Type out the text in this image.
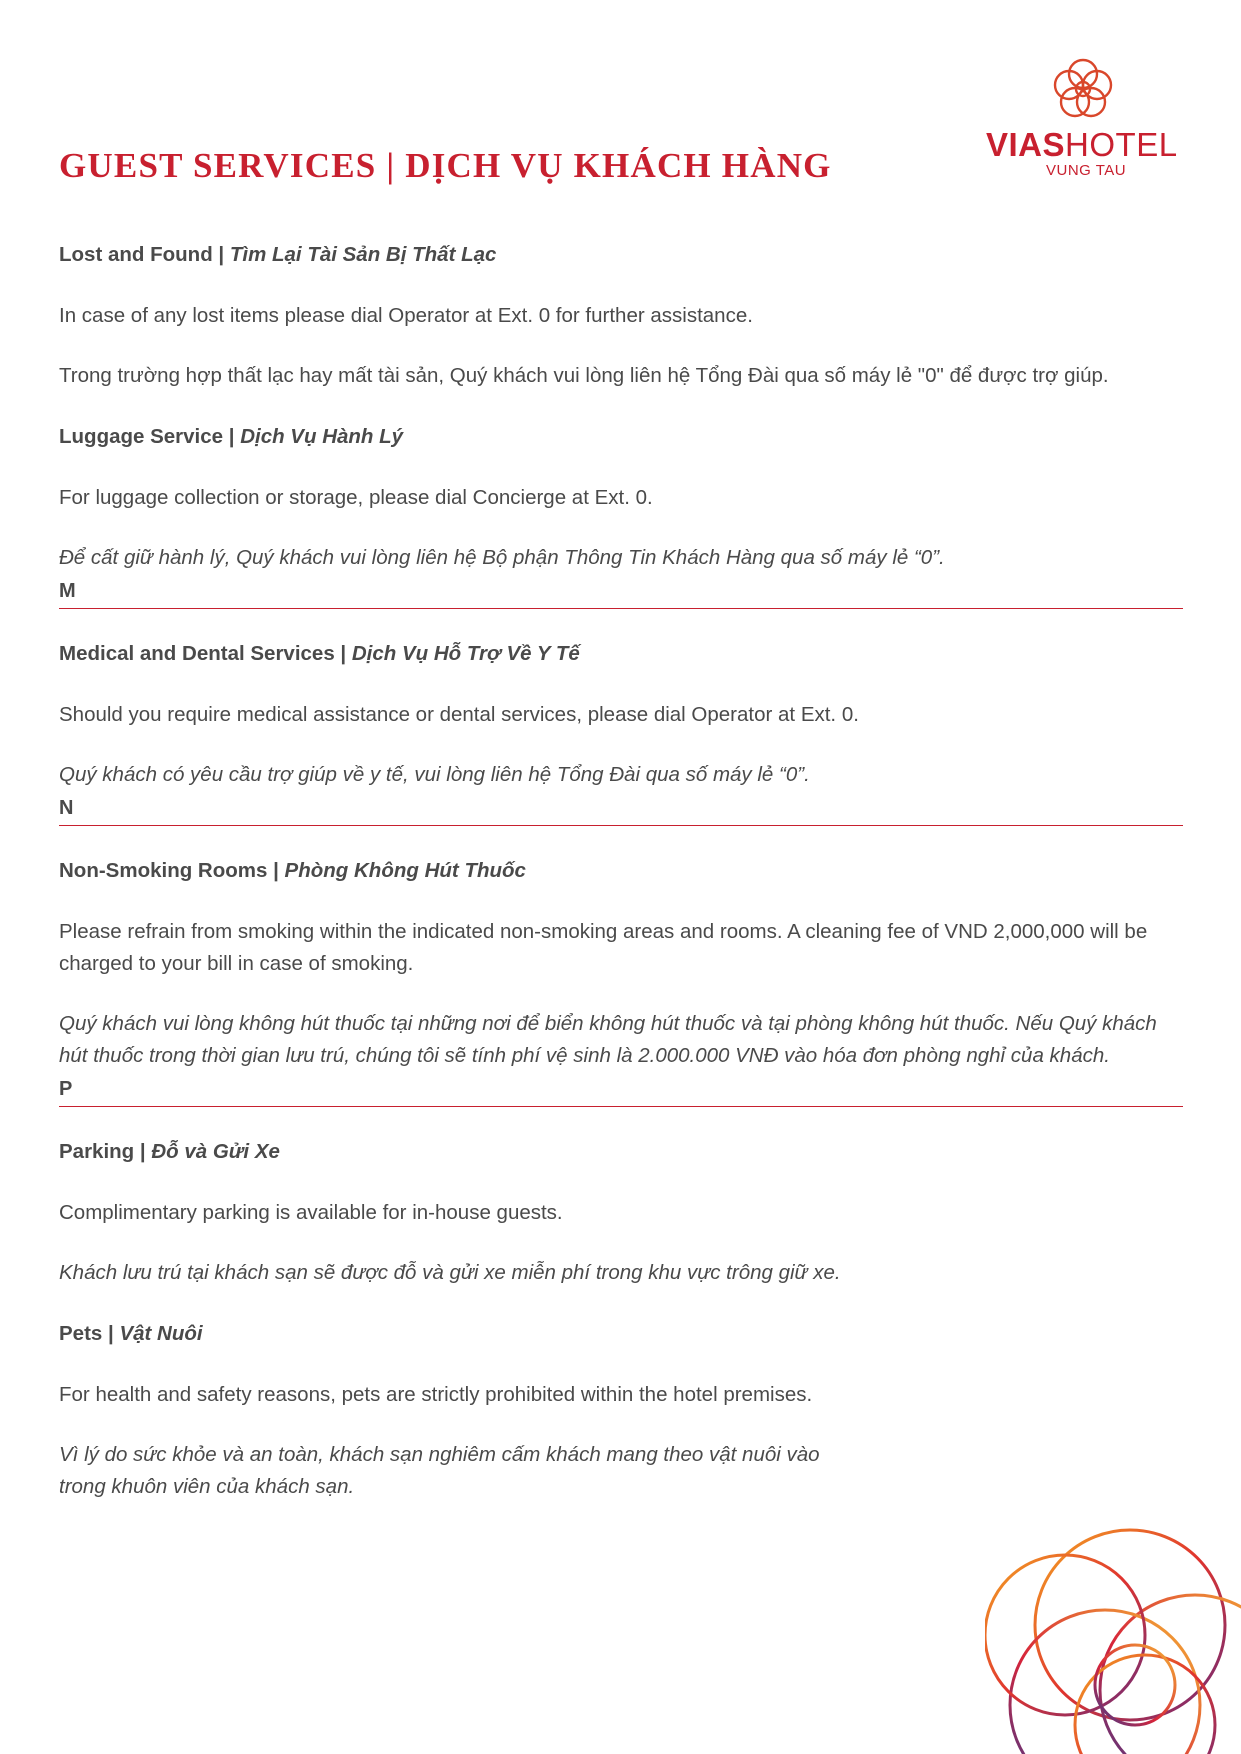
VIASHOTEL
VUNG TAU
GUEST SERVICES | DỊCH VỤ KHÁCH HÀNG

Lost and Found | Tìm Lại Tài Sản Bị Thất Lạc

In case of any lost items please dial Operator at Ext. 0 for further assistance.

Trong trường hợp thất lạc hay mất tài sản, Quý khách vui lòng liên hệ Tổng Đài qua số máy lẻ "0" để được trợ giúp.

Luggage Service | Dịch Vụ Hành Lý

For luggage collection or storage, please dial Concierge at Ext. 0.

Để cất giữ hành lý, Quý khách vui lòng liên hệ Bộ phận Thông Tin Khách Hàng qua số máy lẻ “0”.

M

Medical and Dental Services | Dịch Vụ Hỗ Trợ Về Y Tế

Should you require medical assistance or dental services, please dial Operator at Ext. 0.

Quý khách có yêu cầu trợ giúp về y tế, vui lòng liên hệ Tổng Đài qua số máy lẻ “0”.

N

Non-Smoking Rooms | Phòng Không Hút Thuốc

Please refrain from smoking within the indicated non-smoking areas and rooms. A cleaning fee of VND 2,000,000 will be charged to your bill in case of smoking.

Quý khách vui lòng không hút thuốc tại những nơi để biển không hút thuốc và tại phòng không hút thuốc. Nếu Quý khách hút thuốc trong thời gian lưu trú, chúng tôi sẽ tính phí vệ sinh là 2.000.000 VNĐ vào hóa đơn phòng nghỉ của khách.

P

Parking | Đỗ và Gửi Xe

Complimentary parking is available for in-house guests.

Khách lưu trú tại khách sạn sẽ được đỗ và gửi xe miễn phí trong khu vực trông giữ xe.

Pets | Vật Nuôi

For health and safety reasons, pets are strictly prohibited within the hotel premises.

Vì lý do sức khỏe và an toàn, khách sạn nghiêm cấm khách mang theo vật nuôi vào trong khuôn viên của khách sạn.
